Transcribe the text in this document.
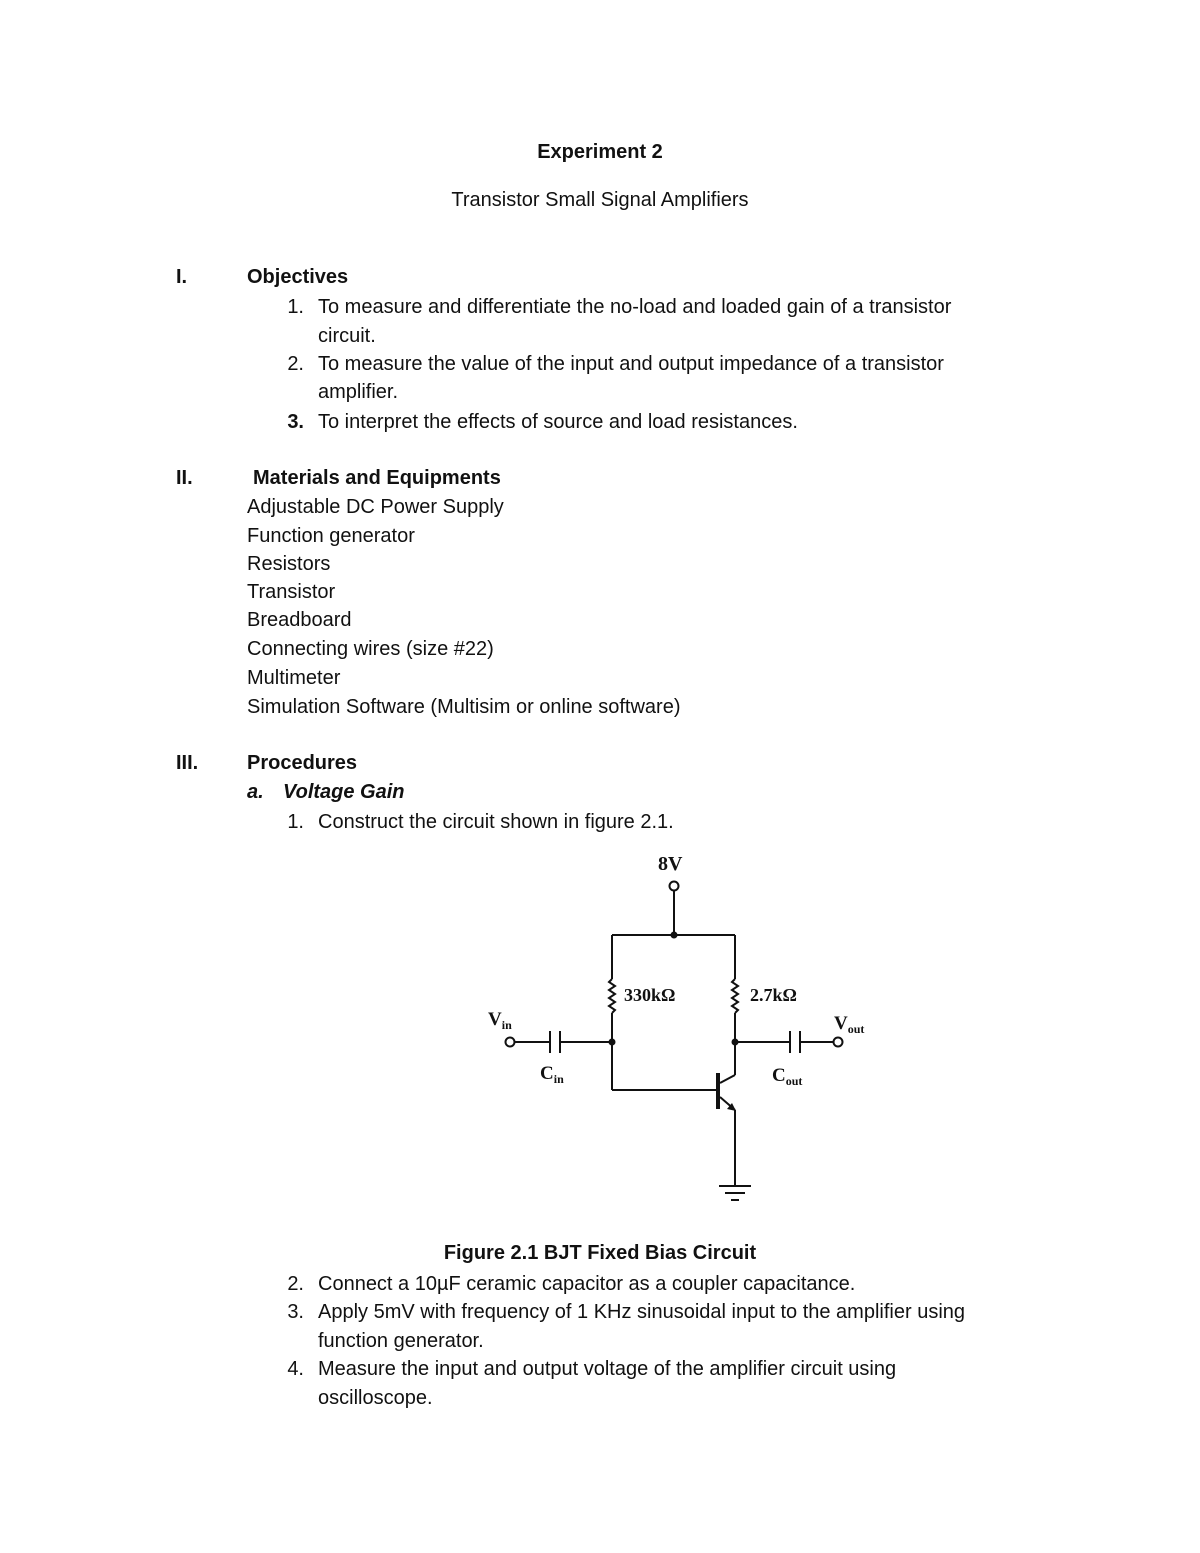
Experiment 2
Transistor Small Signal Amplifiers
I.	Objectives
1. To measure and differentiate the no-load and loaded gain of a transistor
circuit.
2. To measure the value of the input and output impedance of a transistor
amplifier.
3. To interpret the effects of source and load resistances.
II.	Materials and Equipments
Adjustable DC Power Supply
Function generator
Resistors
Transistor
Breadboard
Connecting wires (size #22)
Multimeter
Simulation Software (Multisim or online software)
III. Procedures
a. Voltage Gain
1. Construct the circuit shown in figure 2.1.
8V
330kΩ	2.7kΩ
$V_{in}$	$V_{out}$
$C_{in}$	$C_{out}$
Figure 2.1 BJT Fixed Bias Circuit
2. Connect a 10µF ceramic capacitor as a coupler capacitance.
3. Apply 5mV with frequency of 1 KHz sinusoidal input to the amplifier using
function generator.
4. Measure the input and output voltage of the amplifier circuit using
oscilloscope.
